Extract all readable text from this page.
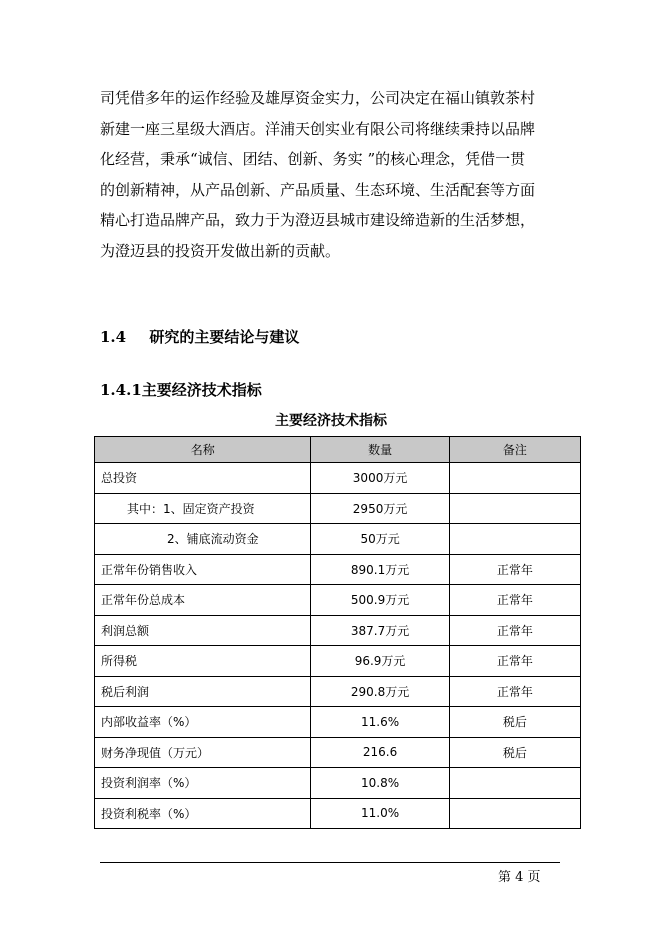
司凭借多年的运作经验及雄厚资金实力，公司决定在福山镇敦茶村
新建一座三星级大酒店。洋浦天创实业有限公司将继续秉持以品牌
化经营，秉承“诚信、团结、创新、务实 ”的核心理念，凭借一贯
的创新精神，从产品创新、产品质量、生态环境、生活配套等方面
精心打造品牌产品，致力于为澄迈县城市建设缔造新的生活梦想，
为澄迈县的投资开发做出新的贡献。
1.4 研究的主要结论与建议
1.4.1主要经济技术指标
主要经济技术指标
名称	数量	备注
总投资	3000万元	
其中：1、固定资产投资	2950万元	
2、铺底流动资金	50万元	
正常年份销售收入	890.1万元	正常年
正常年份总成本	500.9万元	正常年
利润总额	387.7万元	正常年
所得税	96.9万元	正常年
税后利润	290.8万元	正常年
内部收益率（%）	11.6%	税后
财务净现值（万元）	216.6	税后
投资利润率（%）	10.8%	
投资利税率（%）	11.0%	
第 4 页
